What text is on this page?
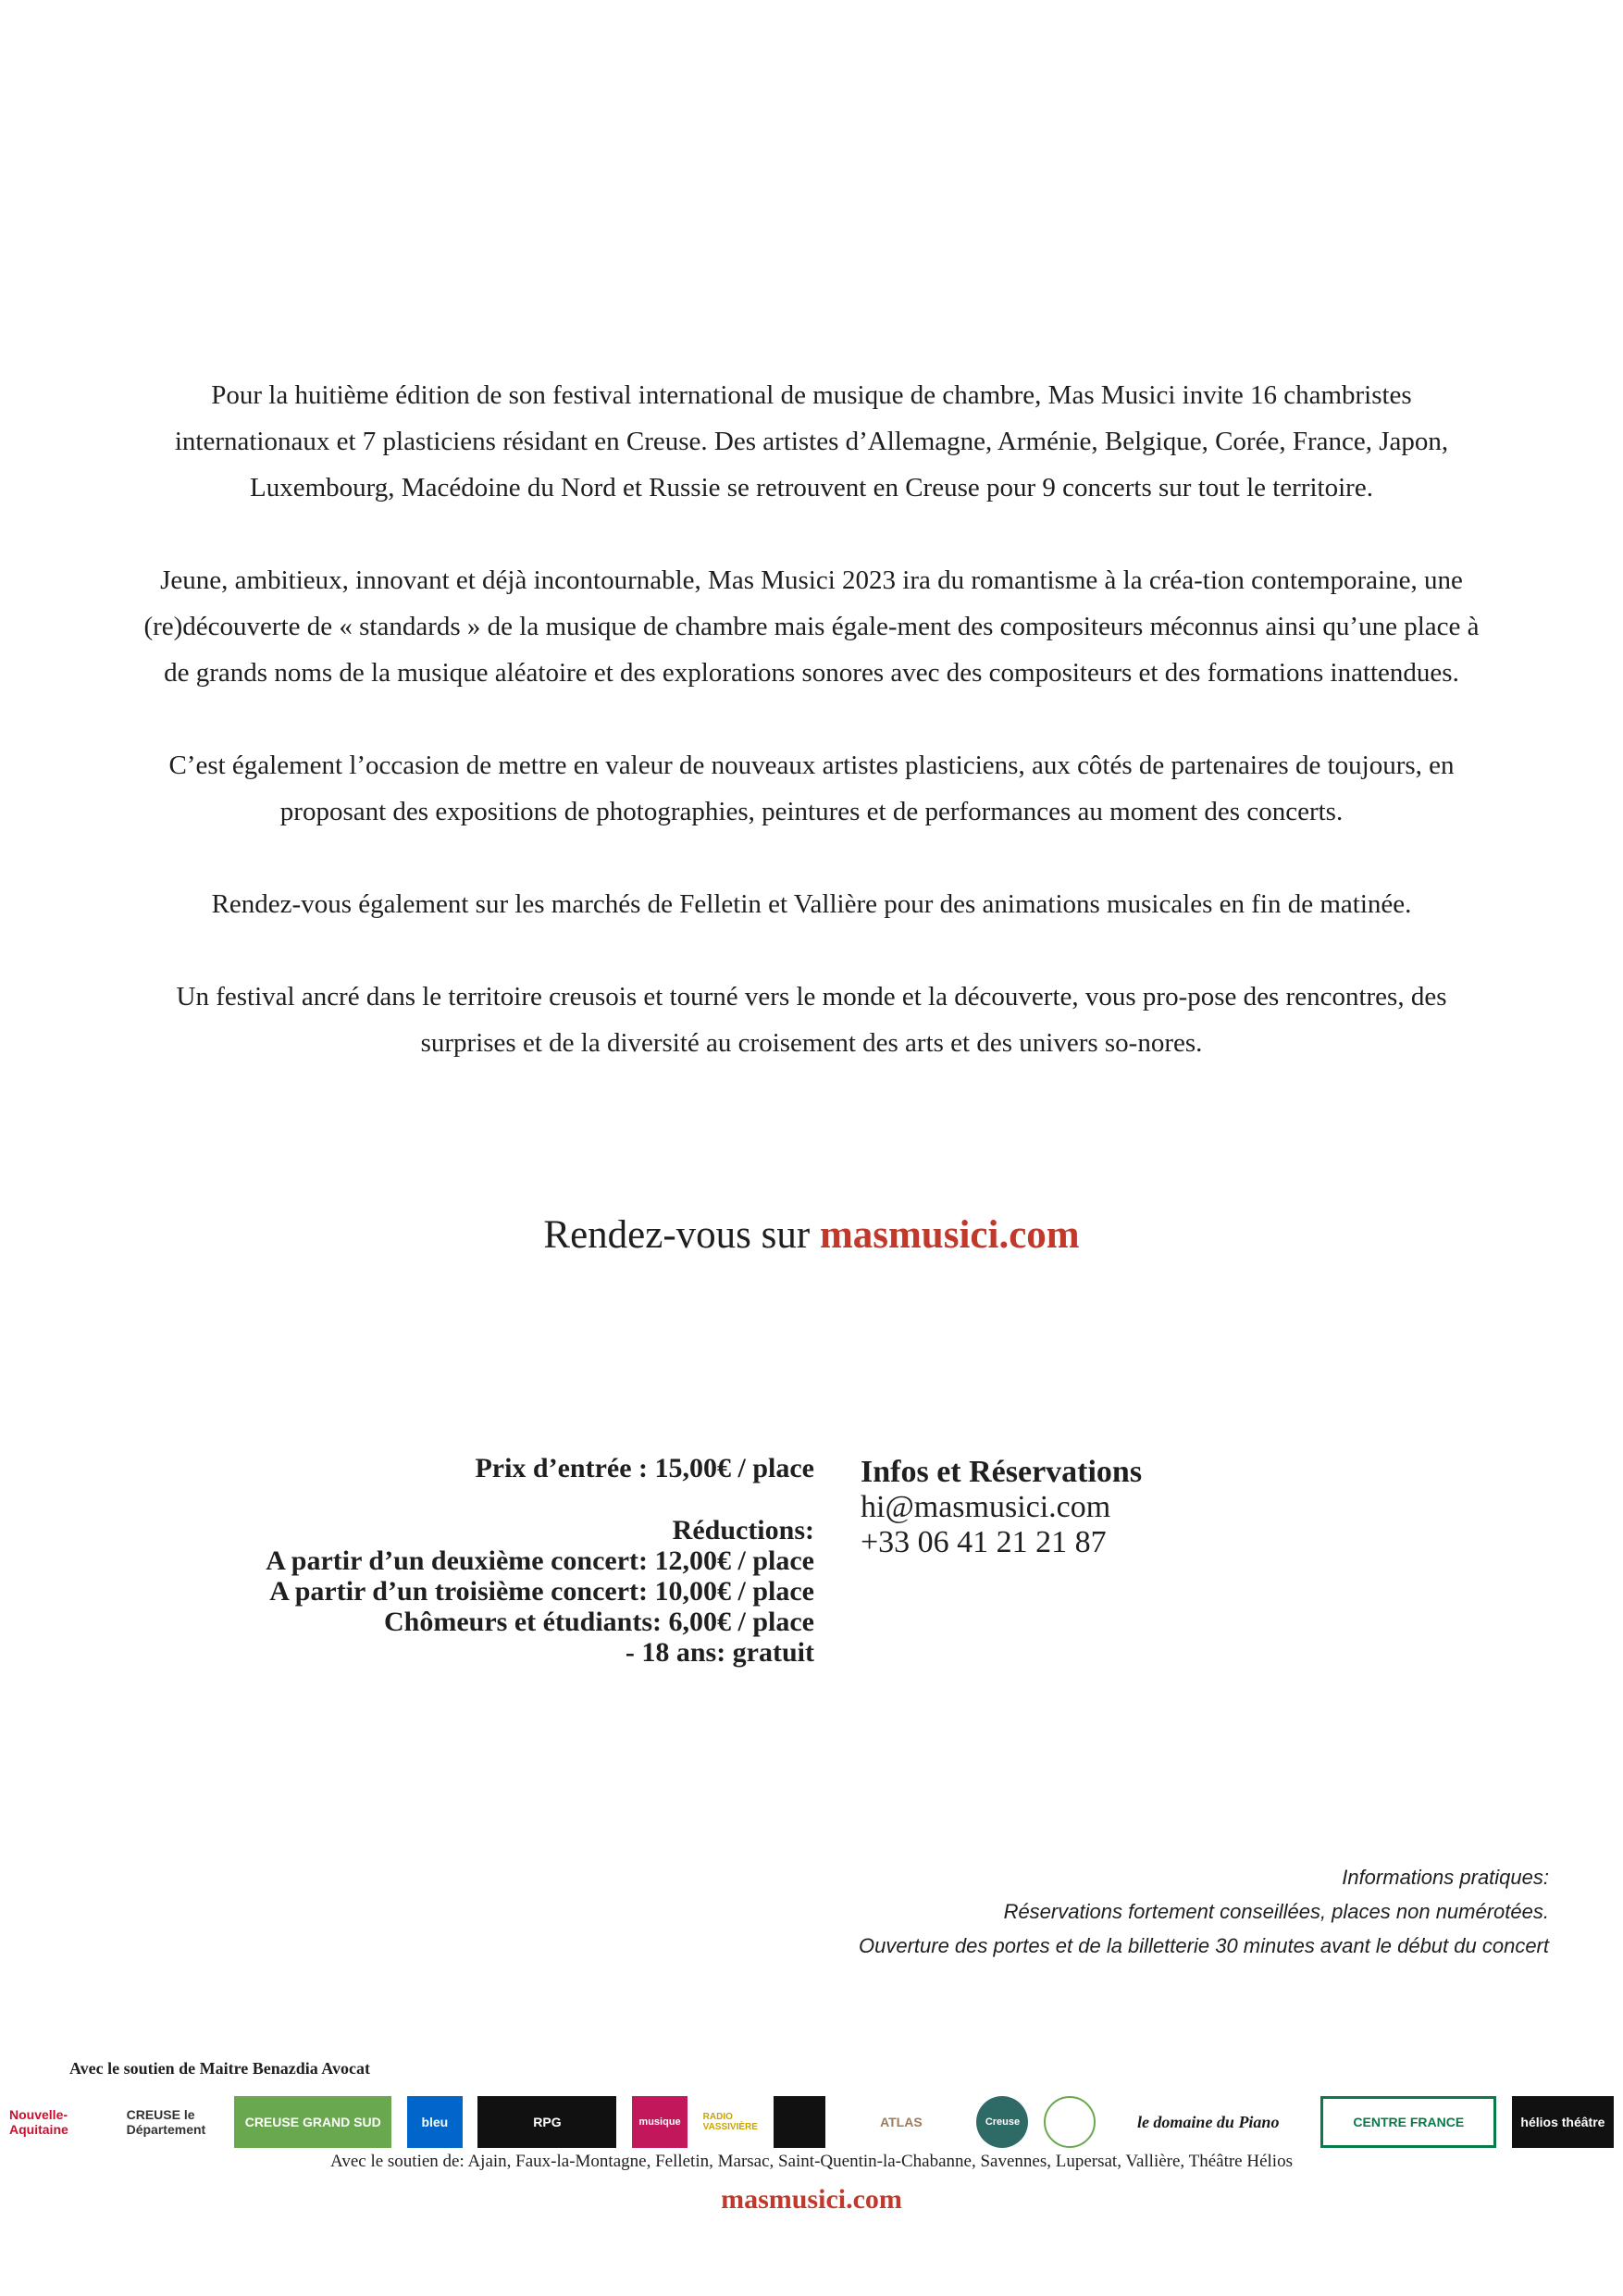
Pour la huitième édition de son festival international de musique de chambre, Mas Musici invite 16 chambristes internationaux et 7 plasticiens résidant en Creuse. Des artistes d’Allemagne, Arménie, Belgique, Corée, France, Japon, Luxembourg, Macédoine du Nord et Russie se retrouvent en Creuse pour 9 concerts sur tout le territoire.

Jeune, ambitieux, innovant et déjà incontournable, Mas Musici 2023 ira du romantisme à la créa-tion contemporaine, une (re)découverte de « standards » de la musique de chambre mais égale-ment des compositeurs méconnus ainsi qu’une place à de grands noms de la musique aléatoire et des explorations sonores avec des compositeurs et des formations inattendues.

C’est également l’occasion de mettre en valeur de nouveaux artistes plasticiens, aux côtés de partenaires de toujours, en proposant des expositions de photographies, peintures et de performances au moment des concerts.

Rendez-vous également sur les marchés de Felletin et Vallière pour des animations musicales en fin de matinée.

Un festival ancré dans le territoire creusois et tourné vers le monde et la découverte, vous pro-pose des rencontres, des surprises et de la diversité au croisement des arts et des univers so-nores.

Rendez-vous sur masmusici.com
Prix d’entrée : 15,00€ / place
Réductions:
A partir d’un deuxième concert: 12,00€ / place
A partir d’un troisième concert: 10,00€ / place
Chômeurs et étudiants: 6,00€ / place
- 18 ans: gratuit
Infos et Réservations
hi@masmusici.com
+33 06 41 21 21 87
Informations pratiques:
Réservations fortement conseillées, places non numérotées.
Ouverture des portes et de la billetterie 30 minutes avant le début du concert
Avec le soutien de Maitre Benazdia Avocat
Nouvelle-Aquitaine
CREUSE le Département	CREUSE GRAND SUD	bleu	RPG	musique RADIO VASSIVIÈRE	ATLAS	Creuse	le domaine du Piano	CENTRE FRANCE	hélios théâtre
Avec le soutien de: Ajain, Faux-la-Montagne, Felletin, Marsac, Saint-Quentin-la-Chabanne, Savennes, Lupersat, Vallière, Théâtre Hélios
masmusici.com
